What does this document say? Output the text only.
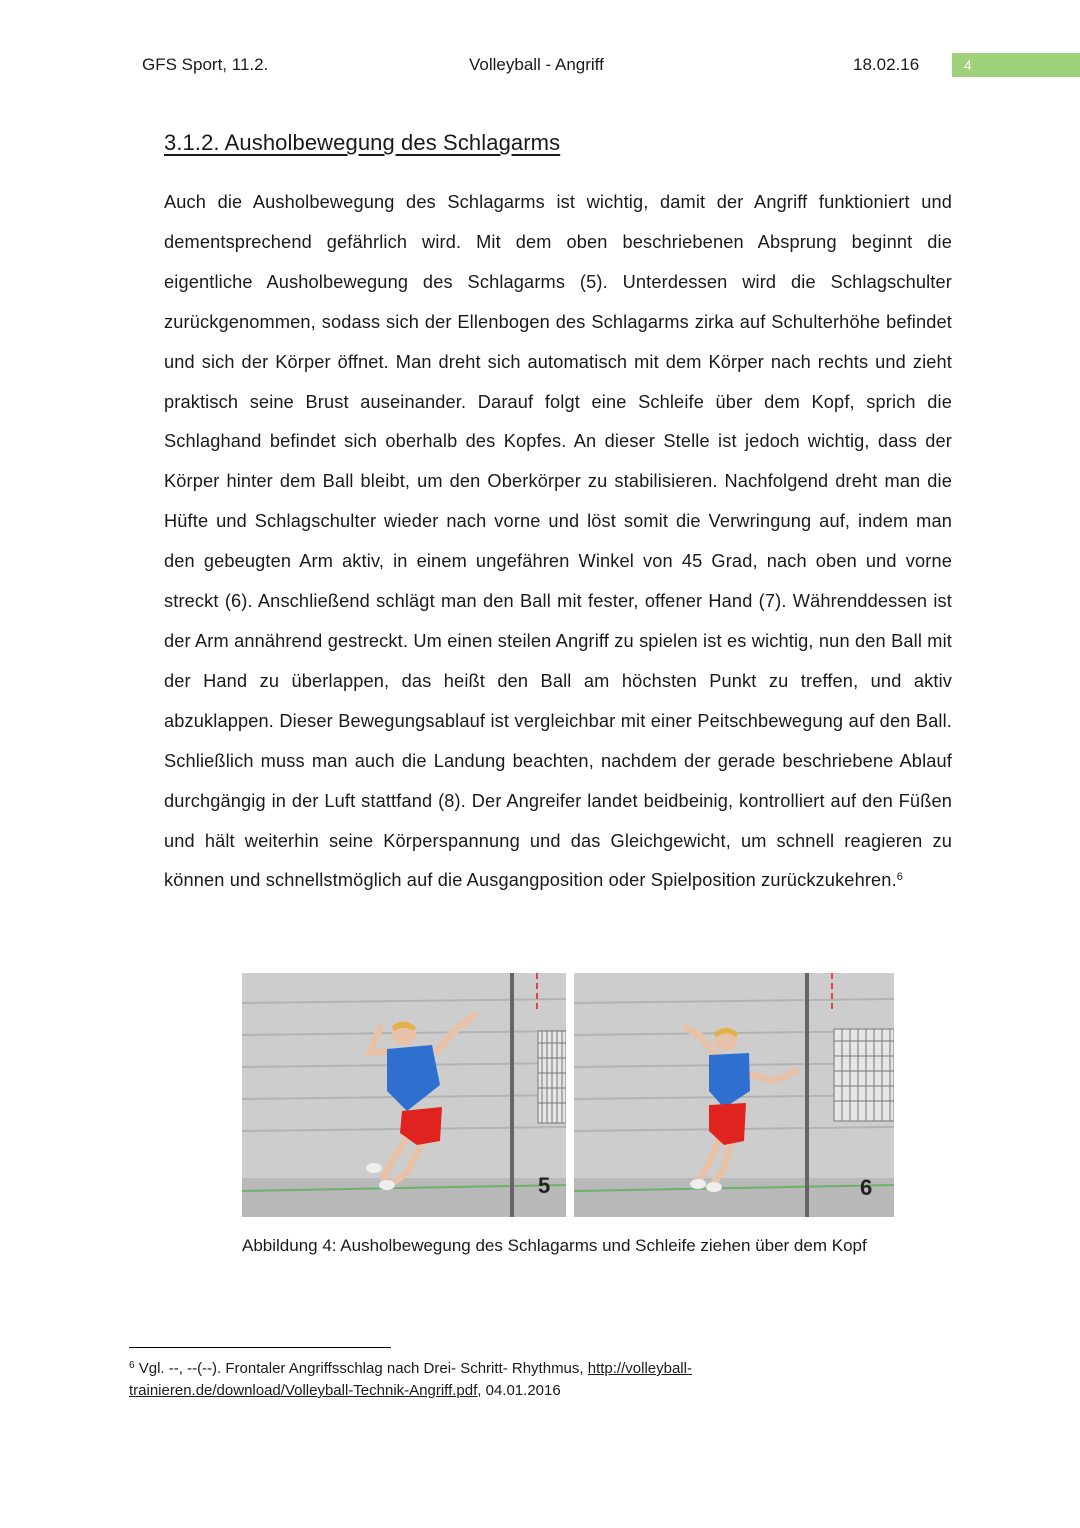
GFS Sport, 11.2.	Volleyball - Angriff	18.02.16	4
3.1.2. Ausholbewegung des Schlagarms

Auch die Ausholbewegung des Schlagarms ist wichtig, damit der Angriff funktioniert und dementsprechend gefährlich wird. Mit dem oben beschriebenen Absprung beginnt die eigentliche Ausholbewegung des Schlagarms (5). Unterdessen wird die Schlagschulter zurückgenommen, sodass sich der Ellenbogen des Schlagarms zirka auf Schulterhöhe befindet und sich der Körper öffnet. Man dreht sich automatisch mit dem Körper nach rechts und zieht praktisch seine Brust auseinander. Darauf folgt eine Schleife über dem Kopf, sprich die Schlaghand befindet sich oberhalb des Kopfes. An dieser Stelle ist jedoch wichtig, dass der Körper hinter dem Ball bleibt, um den Oberkörper zu stabilisieren. Nachfolgend dreht man die Hüfte und Schlagschulter wieder nach vorne und löst somit die Verwringung auf, indem man den gebeugten Arm aktiv, in einem ungefähren Winkel von 45 Grad, nach oben und vorne streckt (6). Anschließend schlägt man den Ball mit fester, offener Hand (7). Währenddessen ist der Arm annährend gestreckt. Um einen steilen Angriff zu spielen ist es wichtig, nun den Ball mit der Hand zu überlappen, das heißt den Ball am höchsten Punkt zu treffen, und aktiv abzuklappen. Dieser Bewegungsablauf ist vergleichbar mit einer Peitschbewegung auf den Ball. Schließlich muss man auch die Landung beachten, nachdem der gerade beschriebene Ablauf durchgängig in der Luft stattfand (8). Der Angreifer landet beidbeinig, kontrolliert auf den Füßen und hält weiterhin seine Körperspannung und das Gleichgewicht, um schnell reagieren zu können und schnellstmöglich auf die Ausgangposition oder Spielposition zurückzukehren.$^6$

5	6
Abbildung 4: Ausholbewegung des Schlagarms und Schleife ziehen über dem Kopf

$^6$ Vgl. --, --(--). Frontaler Angriffsschlag nach Drei- Schritt- Rhythmus, http://volleyball-trainieren.de/download/Volleyball-Technik-Angriff.pdf, 04.01.2016
